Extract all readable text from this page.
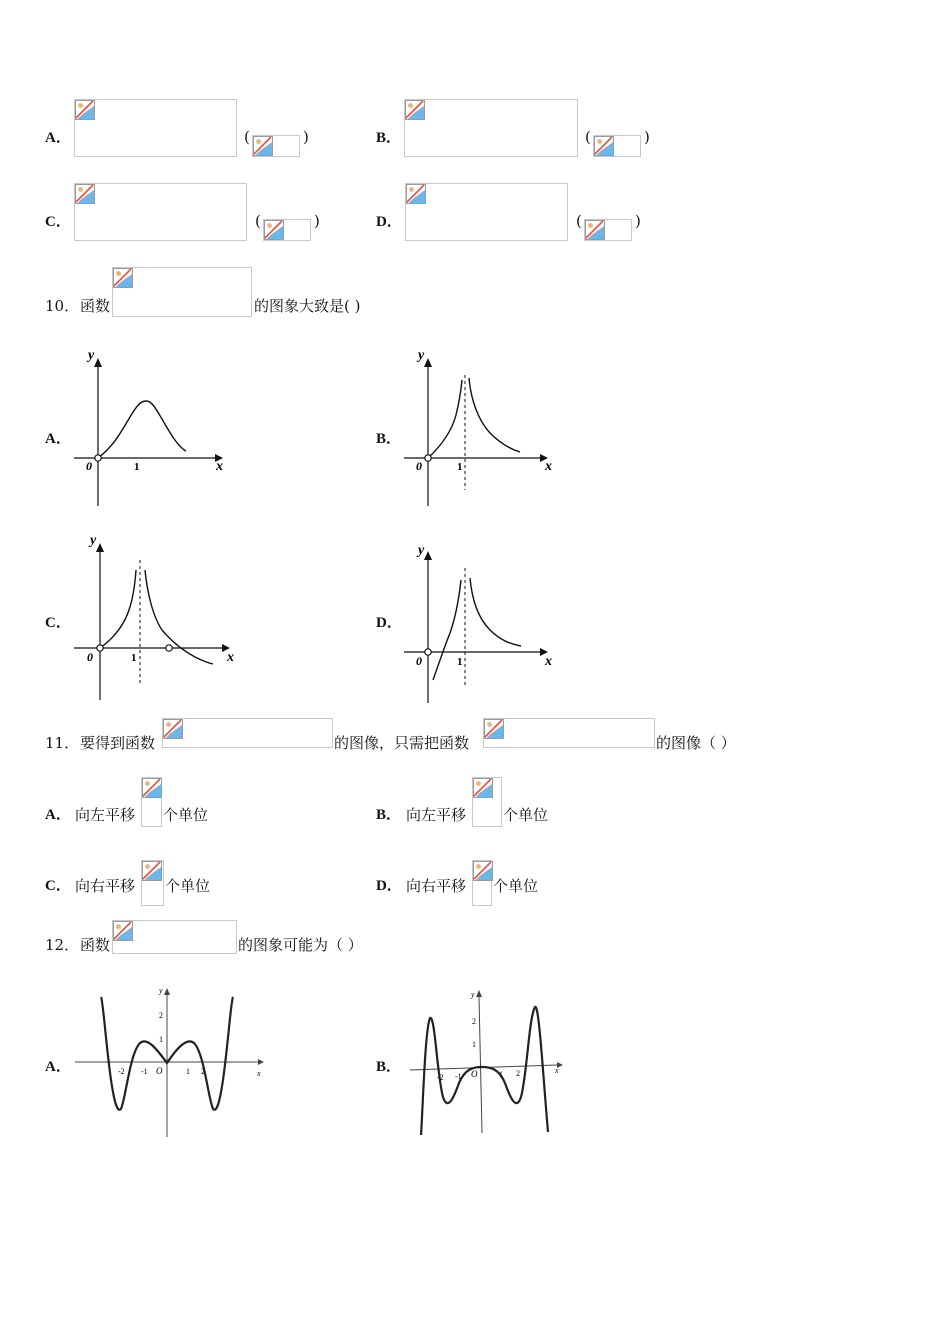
A．	(	)	B．	(	)
C．	(	)	D．	(	)
10． 函数	的图象大致是( )
A．
y
x
0	1
B．
y
x
0	1
C．
y
x
0	1
D．
y
x
0	1
11． 要得到函数	的图像，只需把函数	的图像（ ）
A． 向左平移 个单位	B． 向左平移 个单位
C． 向右平移 个单位	D． 向右平移 个单位
12． 函数	的图象可能为（ ）
A．
y
x
O
-2 -1	1 2
2
1
B．
y
x
O
-2 -1	1 2
2
1
